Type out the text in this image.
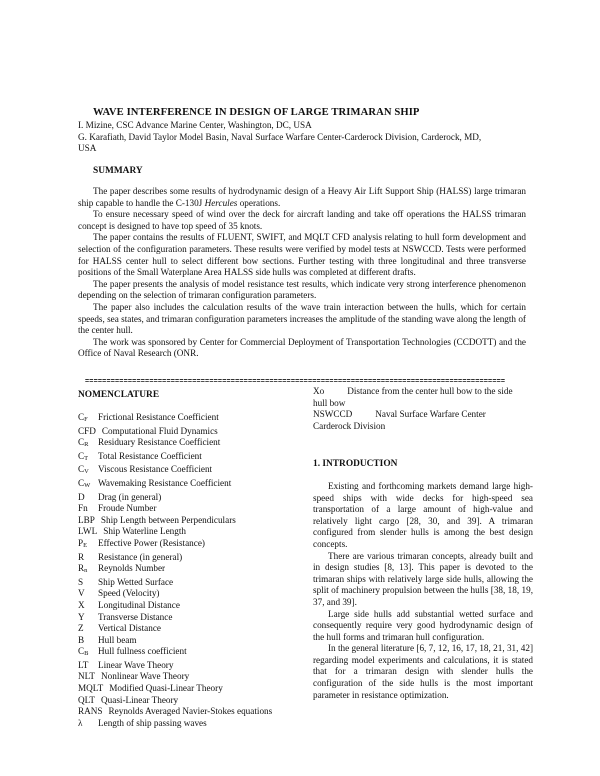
WAVE INTERFERENCE IN DESIGN OF LARGE TRIMARAN SHIP
I. Mizine, CSC Advance Marine Center, Washington, DC, USA
G. Karafiath, David Taylor Model Basin, Naval Surface Warfare Center-Carderock Division, Carderock, MD,
USA
SUMMARY

The paper describes some results of hydrodynamic design of a Heavy Air Lift Support Ship (HALSS) large trimaran ship capable to handle the C-130J Hercules operations.

To ensure necessary speed of wind over the deck for aircraft landing and take off operations the HALSS trimaran concept is designed to have top speed of 35 knots.

The paper contains the results of FLUENT, SWIFT, and MQLT CFD analysis relating to hull form development and selection of the configuration parameters. These results were verified by model tests at NSWCCD. Tests were performed for HALSS center hull to select different bow sections. Further testing with three longitudinal and three transverse positions of the Small Waterplane Area HALSS side hulls was completed at different drafts.

The paper presents the analysis of model resistance test results, which indicate very strong interference phenomenon depending on the selection of trimaran configuration parameters.

The paper also includes the calculation results of the wave train interaction between the hulls, which for certain speeds, sea states, and trimaran configuration parameters increases the amplitude of the standing wave along the length of the center hull.

The work was sponsored by Center for Commercial Deployment of Transportation Technologies (CCDOTT) and the Office of Naval Research (ONR.

==================================================================================================
NOMENCLATURE
$C_F$	Frictional Resistance Coefficient
CFD Computational Fluid Dynamics
$C_R$	Residuary Resistance Coefficient
$C_T$	Total Resistance Coefficient
$C_V$ Viscous Resistance Coefficient
$C_W$ Wavemaking Resistance Coefficient
D	Drag (in general)
Fn	Froude Number
LBP Ship Length between Perpendiculars
LWL Ship Waterline Length
$P_E$	Effective Power (Resistance)
R	Resistance (in general)
$R_n$	Reynolds Number
S	Ship Wetted Surface
V	Speed (Velocity)
X	Longitudinal Distance
Y	Transverse Distance
Z	Vertical Distance
B	Hull beam
$C_B$	Hull fullness coefficient
LT	Linear Wave Theory
NLT Nonlinear Wave Theory
MQLT Modified Quasi-Linear Theory
QLT Quasi-Linear Theory
RANS Reynolds Averaged Navier-Stokes equations
λ	Length of ship passing waves
Xo          Distance from the center hull bow to the side
hull bow
NSWCCD          Naval Surface Warfare Center
Carderock Division
1. INTRODUCTION

Existing and forthcoming markets demand large high-speed ships with wide decks for high-speed sea transportation of a large amount of high-value and relatively light cargo [28, 30, and 39]. A trimaran configured from slender hulls is among the best design concepts.

There are various trimaran concepts, already built and in design studies [8, 13]. This paper is devoted to the trimaran ships with relatively large side hulls, allowing the split of machinery propulsion between the hulls [38, 18, 19, 37, and 39].

Large side hulls add substantial wetted surface and consequently require very good hydrodynamic design of the hull forms and trimaran hull configuration.

In the general literature [6, 7, 12, 16, 17, 18, 21, 31, 42] regarding model experiments and calculations, it is stated that for a trimaran design with slender hulls the configuration of the side hulls is the most important parameter in resistance optimization.
